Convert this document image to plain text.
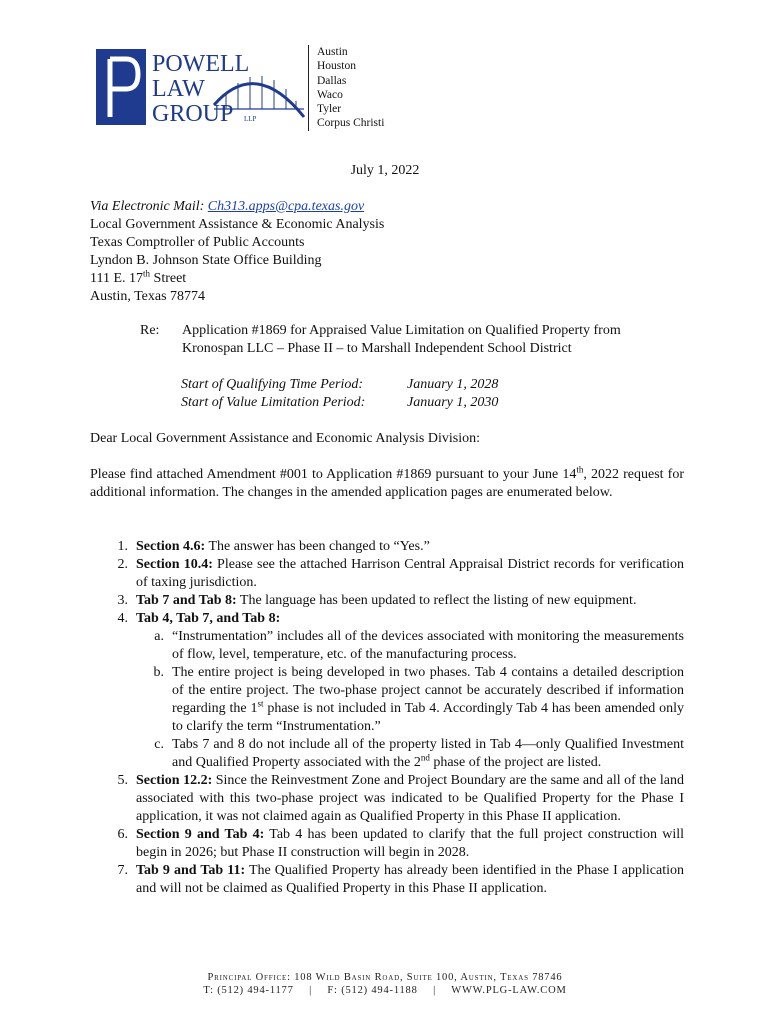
POWELL
LAW
GROUP LLP
Austin
Houston
Dallas
Waco
Tyler
Corpus Christi
July 1, 2022
Via Electronic Mail: Ch313.apps@cpa.texas.gov
Local Government Assistance & Economic Analysis
Texas Comptroller of Public Accounts
Lyndon B. Johnson State Office Building
111 E. 17th Street
Austin, Texas 78774
Re: Application #1869 for Appraised Value Limitation on Qualified Property from
Kronospan LLC – Phase II – to Marshall Independent School District
Start of Qualifying Time Period:	January 1, 2028
Start of Value Limitation Period:	January 1, 2030
Dear Local Government Assistance and Economic Analysis Division:
Please find attached Amendment #001 to Application #1869 pursuant to your June 14th, 2022 request for additional information. The changes in the amended application pages are enumerated below.
1. Section 4.6: The answer has been changed to “Yes.”
2. Section 10.4: Please see the attached Harrison Central Appraisal District records for verification of taxing jurisdiction.
3. Tab 7 and Tab 8: The language has been updated to reflect the listing of new equipment.
4. Tab 4, Tab 7, and Tab 8:
a. “Instrumentation” includes all of the devices associated with monitoring the measurements of flow, level, temperature, etc. of the manufacturing process.
b. The entire project is being developed in two phases. Tab 4 contains a detailed description of the entire project. The two-phase project cannot be accurately described if information regarding the 1st phase is not included in Tab 4. Accordingly Tab 4 has been amended only to clarify the term “Instrumentation.”
c. Tabs 7 and 8 do not include all of the property listed in Tab 4—only Qualified Investment and Qualified Property associated with the 2nd phase of the project are listed.
5. Section 12.2: Since the Reinvestment Zone and Project Boundary are the same and all of the land associated with this two-phase project was indicated to be Qualified Property for the Phase I application, it was not claimed again as Qualified Property in this Phase II application.
6. Section 9 and Tab 4: Tab 4 has been updated to clarify that the full project construction will begin in 2026; but Phase II construction will begin in 2028.
7. Tab 9 and Tab 11: The Qualified Property has already been identified in the Phase I application and will not be claimed as Qualified Property in this Phase II application.
Principal Office: 108 Wild Basin Road, Suite 100, Austin, Texas 78746
T: (512) 494-1177 | F: (512) 494-1188 | WWW.PLG-LAW.COM
